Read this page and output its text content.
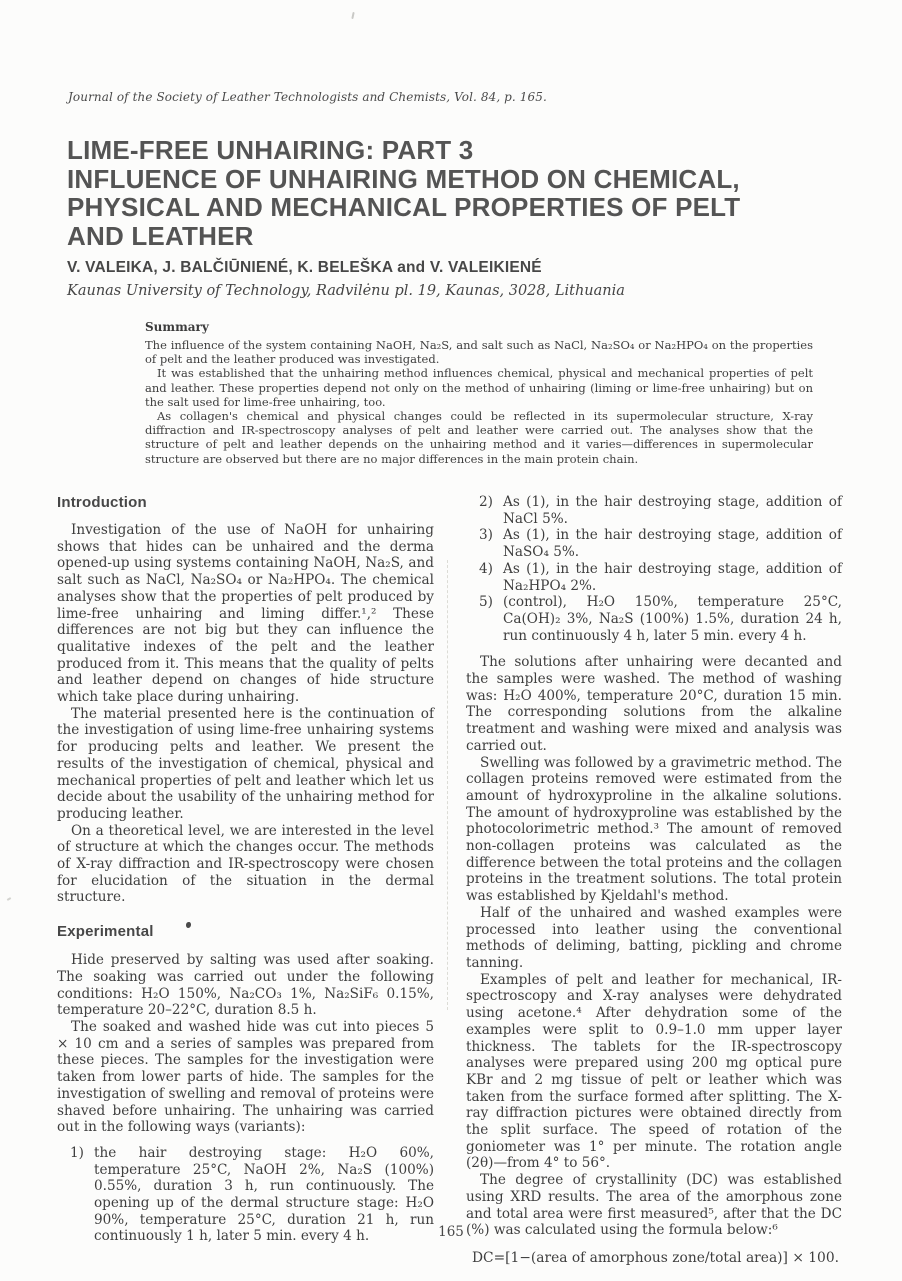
Journal of the Society of Leather Technologists and Chemists, Vol. 84, p. 165.
LIME-FREE UNHAIRING: PART 3
INFLUENCE OF UNHAIRING METHOD ON CHEMICAL,
PHYSICAL AND MECHANICAL PROPERTIES OF PELT
AND LEATHER
V. VALEIKA, J. BALČIŪNIENÉ, K. BELEŠKA and V. VALEIKIENÉ
Kaunas University of Technology, Radvilėnu pl. 19, Kaunas, 3028, Lithuania
Summary

The influence of the system containing NaOH, Na₂S, and salt such as NaCl, Na₂SO₄ or Na₂HPO₄ on the properties of pelt and the leather produced was investigated.

It was established that the unhairing method influences chemical, physical and mechanical properties of pelt and leather. These properties depend not only on the method of unhairing (liming or lime-free unhairing) but on the salt used for lime-free unhairing, too.

As collagen's chemical and physical changes could be reflected in its supermolecular structure, X-ray diffraction and IR-spectroscopy analyses of pelt and leather were carried out. The analyses show that the structure of pelt and leather depends on the unhairing method and it varies—differences in supermolecular structure are observed but there are no major differences in the main protein chain.

Introduction

Investigation of the use of NaOH for unhairing shows that hides can be unhaired and the derma opened-up using systems containing NaOH, Na₂S, and salt such as NaCl, Na₂SO₄ or Na₂HPO₄. The chemical analyses show that the properties of pelt produced by lime-free unhairing and liming differ.¹,² These differences are not big but they can influence the qualitative indexes of the pelt and the leather produced from it. This means that the quality of pelts and leather depend on changes of hide structure which take place during unhairing.

The material presented here is the continuation of the investigation of using lime-free unhairing systems for producing pelts and leather. We present the results of the investigation of chemical, physical and mechanical properties of pelt and leather which let us decide about the usability of the unhairing method for producing leather.

On a theoretical level, we are interested in the level of structure at which the changes occur. The methods of X-ray diffraction and IR-spectroscopy were chosen for elucidation of the situation in the dermal structure.

Experimental

Hide preserved by salting was used after soaking. The soaking was carried out under the following conditions: H₂O 150%, Na₂CO₃ 1%, Na₂SiF₆ 0.15%, temperature 20–22°C, duration 8.5 h.

The soaked and washed hide was cut into pieces 5 × 10 cm and a series of samples was prepared from these pieces. The samples for the investigation were taken from lower parts of hide. The samples for the investigation of swelling and removal of proteins were shaved before unhairing. The unhairing was carried out in the following ways (variants):

1) the hair destroying stage: H₂O 60%, temperature 25°C, NaOH 2%, Na₂S (100%) 0.55%, duration 3 h, run continuously. The opening up of the dermal structure stage: H₂O 90%, temperature 25°C, duration 21 h, run continuously 1 h, later 5 min. every 4 h.
2) As (1), in the hair destroying stage, addition of NaCl 5%.
3) As (1), in the hair destroying stage, addition of NaSO₄ 5%.
4) As (1), in the hair destroying stage, addition of Na₂HPO₄ 2%.
5) (control), H₂O 150%, temperature 25°C, Ca(OH)₂ 3%, Na₂S (100%) 1.5%, duration 24 h, run continuously 4 h, later 5 min. every 4 h.

The solutions after unhairing were decanted and the samples were washed. The method of washing was: H₂O 400%, temperature 20°C, duration 15 min. The corresponding solutions from the alkaline treatment and washing were mixed and analysis was carried out.

Swelling was followed by a gravimetric method. The collagen proteins removed were estimated from the amount of hydroxyproline in the alkaline solutions. The amount of hydroxyproline was established by the photocolorimetric method.³ The amount of removed non-collagen proteins was calculated as the difference between the total proteins and the collagen proteins in the treatment solutions. The total protein was established by Kjeldahl's method.

Half of the unhaired and washed examples were processed into leather using the conventional methods of deliming, batting, pickling and chrome tanning.

Examples of pelt and leather for mechanical, IR-spectroscopy and X-ray analyses were dehydrated using acetone.⁴ After dehydration some of the examples were split to 0.9–1.0 mm upper layer thickness. The tablets for the IR-spectroscopy analyses were prepared using 200 mg optical pure KBr and 2 mg tissue of pelt or leather which was taken from the surface formed after splitting. The X-ray diffraction pictures were obtained directly from the split surface. The speed of rotation of the goniometer was 1° per minute. The rotation angle (2θ)—from 4° to 56°.

The degree of crystallinity (DC) was established using XRD results. The area of the amorphous zone and total area were first measured⁵, after that the DC (%) was calculated using the formula below:⁶

DC=[1−(area of amorphous zone/total area)] × 100.

165
